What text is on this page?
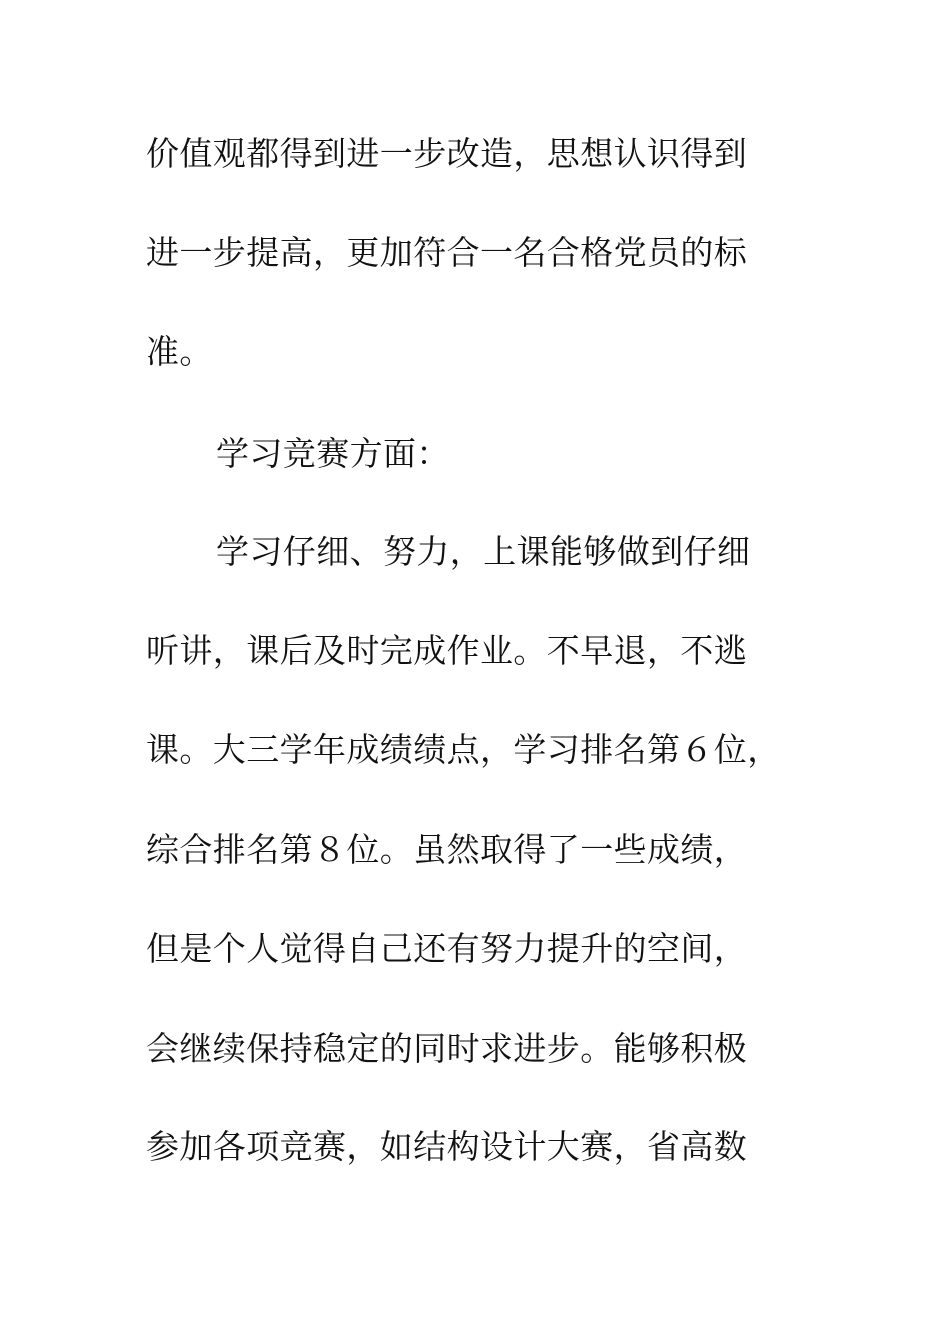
价值观都得到进一步改造，思想认识得到
进一步提高，更加符合一名合格党员的标
准。
学习竞赛方面：
学习仔细、努力，上课能够做到仔细
听讲，课后及时完成作业。不早退，不逃
课。大三学年成绩绩点，学习排名第６位，
综合排名第８位。虽然取得了一些成绩，
但是个人觉得自己还有努力提升的空间，
会继续保持稳定的同时求进步。能够积极
参加各项竞赛，如结构设计大赛，省高数
